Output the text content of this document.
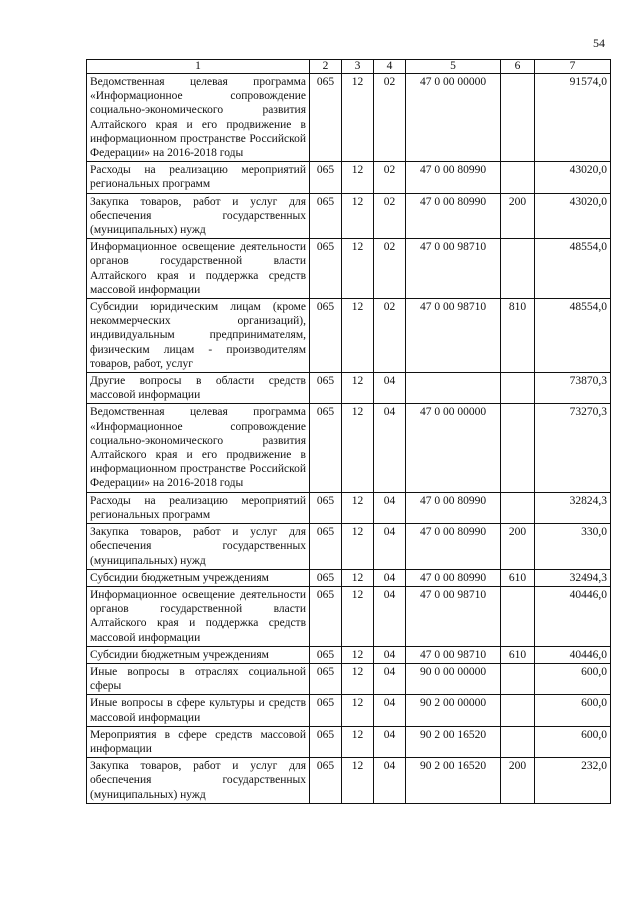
54
1	2	3	4	5	6	7
Ведомственная целевая программа «Информационное сопровождение социально-экономического развития Алтайского края и его продвижение в информационном пространстве Российской Федерации» на 2016-2018 годы	065	12	02	47 0 00 00000		91574,0
Расходы на реализацию мероприятий региональных программ	065	12	02	47 0 00 80990		43020,0
Закупка товаров, работ и услуг для обеспечения государственных (муниципальных) нужд	065	12	02	47 0 00 80990	200	43020,0
Информационное освещение деятельности органов государственной власти Алтайского края и поддержка средств массовой информации	065	12	02	47 0 00 98710		48554,0
Субсидии юридическим лицам (кроме некоммерческих организаций), индивидуальным предпринимателям, физическим лицам - производителям товаров, работ, услуг	065	12	02	47 0 00 98710	810	48554,0
Другие вопросы в области средств массовой информации	065	12	04			73870,3
Ведомственная целевая программа «Информационное сопровождение социально-экономического развития Алтайского края и его продвижение в информационном пространстве Российской Федерации» на 2016-2018 годы	065	12	04	47 0 00 00000		73270,3
Расходы на реализацию мероприятий региональных программ	065	12	04	47 0 00 80990		32824,3
Закупка товаров, работ и услуг для обеспечения государственных (муниципальных) нужд	065	12	04	47 0 00 80990	200	330,0
Субсидии бюджетным учреждениям	065	12	04	47 0 00 80990	610	32494,3
Информационное освещение деятельности органов государственной власти Алтайского края и поддержка средств массовой информации	065	12	04	47 0 00 98710		40446,0
Субсидии бюджетным учреждениям	065	12	04	47 0 00 98710	610	40446,0
Иные вопросы в отраслях социальной сферы	065	12	04	90 0 00 00000		600,0
Иные вопросы в сфере культуры и средств массовой информации	065	12	04	90 2 00 00000		600,0
Мероприятия в сфере средств массовой информации	065	12	04	90 2 00 16520		600,0
Закупка товаров, работ и услуг для обеспечения государственных (муниципальных) нужд	065	12	04	90 2 00 16520	200	232,0
